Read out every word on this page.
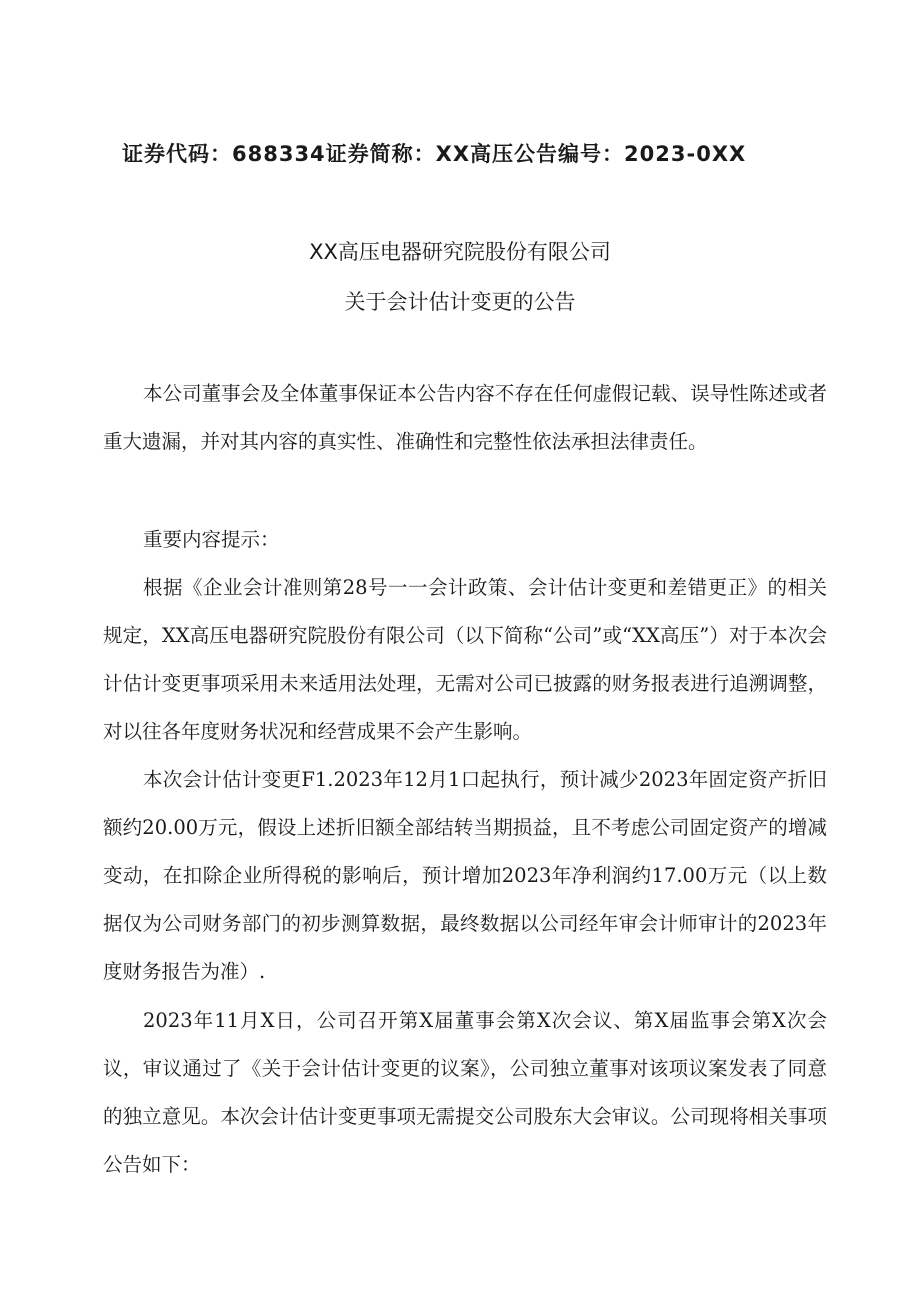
证券代码：688334证券简称：XX高压公告编号：2023-0XX
XX高压电器研究院股份有限公司
关于会计估计变更的公告
本公司董事会及全体董事保证本公告内容不存在任何虚假记载、误导性陈述或者重大遗漏，并对其内容的真实性、准确性和完整性依法承担法律责任。
重要内容提示：
根据《企业会计准则第28号一一会计政策、会计估计变更和差错更正》的相关规定，XX高压电器研究院股份有限公司（以下简称“公司”或“XX高压”）对于本次会计估计变更事项采用未来适用法处理，无需对公司已披露的财务报表进行追溯调整，对以往各年度财务状况和经营成果不会产生影响。
本次会计估计变更F1.2023年12月1口起执行，预计减少2023年固定资产折旧额约20.00万元，假设上述折旧额全部结转当期损益，且不考虑公司固定资产的增减变动，在扣除企业所得税的影响后，预计增加2023年净利润约17.00万元（以上数据仅为公司财务部门的初步测算数据，最终数据以公司经年审会计师审计的2023年度财务报告为准）.
2023年11月X日，公司召开第X届董事会第X次会议、第X届监事会第X次会议，审议通过了《关于会计估计变更的议案》，公司独立董事对该项议案发表了同意的独立意见。本次会计估计变更事项无需提交公司股东大会审议。公司现将相关事项公告如下：
